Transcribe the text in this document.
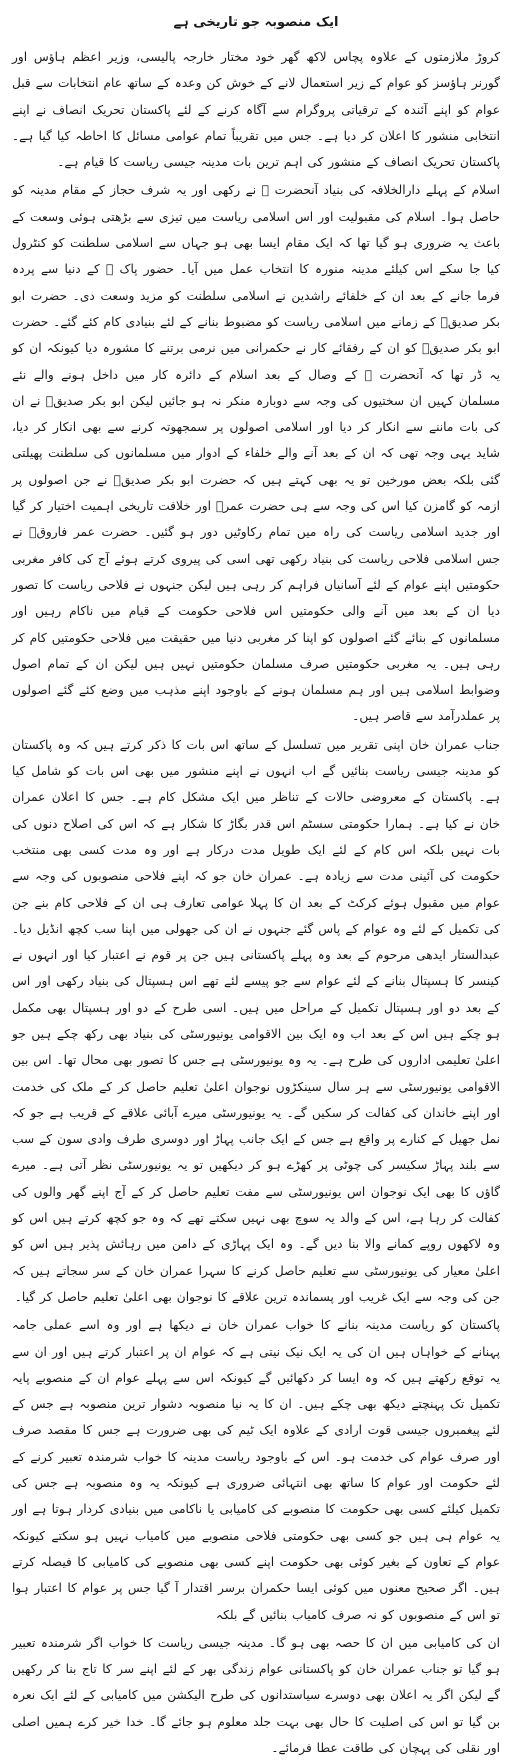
ایک منصوبہ جو تاریخی ہے

کروڑ ملازمتوں کے علاوہ پچاس لاکھ گھر خود مختار خارجہ پالیسی، وزیر اعظم ہاؤس اور گورنر ہاؤسز کو عوام کے زیر استعمال لانے کے خوش کن وعدہ کے ساتھ عام انتخابات سے قبل عوام کو اپنے آئندہ کے ترقیاتی پروگرام سے آگاہ کرنے کے لئے پاکستان تحریک انصاف نے اپنے انتخابی منشور کا اعلان کر دیا ہے۔ جس میں تقریباً تمام عوامی مسائل کا احاطہ کیا گیا ہے۔ پاکستان تحریک انصاف کے منشور کی اہم ترین بات مدینہ جیسی ریاست کا قیام ہے۔

اسلام کے پہلے دارالخلافہ کی بنیاد آنحضرت ﷺ نے رکھی اور یہ شرف حجاز کے مقام مدینہ کو حاصل ہوا۔ اسلام کی مقبولیت اور اس اسلامی ریاست میں تیزی سے بڑھتی ہوئی وسعت کے باعث یہ ضروری ہو گیا تھا کہ ایک مقام ایسا بھی ہو جہاں سے اسلامی سلطنت کو کنٹرول کیا جا سکے اس کیلئے مدینہ منورہ کا انتخاب عمل میں آیا۔ حضور پاک ﷺ کے دنیا سے پردہ فرما جانے کے بعد ان کے خلفائے راشدین نے اسلامی سلطنت کو مزید وسعت دی۔ حضرت ابو بکر صدیقؓ کے زمانے میں اسلامی ریاست کو مضبوط بنانے کے لئے بنیادی کام کئے گئے۔ حضرت ابو بکر صدیقؓ کو ان کے رفقائے کار نے حکمرانی میں نرمی برتنے کا مشورہ دیا کیونکہ ان کو یہ ڈر تھا کہ آنحضرت ﷺ کے وصال کے بعد اسلام کے دائرہ کار میں داخل ہونے والے نئے مسلمان کہیں ان سختیوں کی وجہ سے دوبارہ منکر نہ ہو جائیں لیکن ابو بکر صدیقؓ نے ان کی بات ماننے سے انکار کر دیا اور اسلامی اصولوں پر سمجھوتہ کرنے سے بھی انکار کر دیا، شاید یہی وجہ تھی کہ ان کے بعد آنے والے خلفاء کے ادوار میں مسلمانوں کی سلطنت پھیلتی گئی بلکہ بعض مورخین تو یہ بھی کہتے ہیں کہ حضرت ابو بکر صدیقؓ نے جن اصولوں پر ازمہ کو گامزن کیا اس کی وجہ سے ہی حضرت عمرؓ اور خلافت تاریخی اہمیت اختیار کر گیا اور جدید اسلامی ریاست کی راہ میں تمام رکاوٹیں دور ہو گئیں۔ حضرت عمر فاروقؓ نے جس اسلامی فلاحی ریاست کی بنیاد رکھی تھی اسی کی پیروی کرتے ہوئے آج کی کافر مغربی حکومتیں اپنے عوام کے لئے آسانیاں فراہم کر رہی ہیں لیکن جنہوں نے فلاحی ریاست کا تصور دیا ان کے بعد میں آنے والی حکومتیں اس فلاحی حکومت کے قیام میں ناکام رہیں اور مسلمانوں کے بنائے گئے اصولوں کو اپنا کر مغربی دنیا میں حقیقت میں فلاحی حکومتیں کام کر رہی ہیں۔ یہ مغربی حکومتیں صرف مسلمان حکومتیں نہیں ہیں لیکن ان کے تمام اصول وضوابط اسلامی ہیں اور ہم مسلمان ہونے کے باوجود اپنے مذہب میں وضع کئے گئے اصولوں پر عملدرآمد سے قاصر ہیں۔

جناب عمران خان اپنی تقریر میں تسلسل کے ساتھ اس بات کا ذکر کرتے ہیں کہ وہ پاکستان کو مدینہ جیسی ریاست بنائیں گے اب انہوں نے اپنے منشور میں بھی اس بات کو شامل کیا ہے۔ پاکستان کے معروضی حالات کے تناظر میں ایک مشکل کام ہے۔ جس کا اعلان عمران خان نے کیا ہے۔ ہمارا حکومتی سسٹم اس قدر بگاڑ کا شکار ہے کہ اس کی اصلاح دنوں کی بات نہیں بلکہ اس کام کے لئے ایک طویل مدت درکار ہے اور وہ مدت کسی بھی منتخب حکومت کی آئینی مدت سے زیادہ ہے۔ عمران خان جو کہ اپنے فلاحی منصوبوں کی وجہ سے عوام میں مقبول ہوئے کرکٹ کے بعد ان کا پہلا عوامی تعارف ہی ان کے فلاحی کام بنے جن کی تکمیل کے لئے وہ عوام کے پاس گئے جنہوں نے ان کی جھولی میں اپنا سب کچھ انڈیل دیا۔ عبدالستار ایدھی مرحوم کے بعد وہ پہلے پاکستانی ہیں جن پر قوم نے اعتبار کیا اور انہوں نے کینسر کا ہسپتال بنانے کے لئے عوام سے جو پیسے لئے تھے اس ہسپتال کی بنیاد رکھی اور اس کے بعد دو اور ہسپتال تکمیل کے مراحل میں ہیں۔ اسی طرح کے دو اور ہسپتال بھی مکمل ہو چکے ہیں اس کے بعد اب وہ ایک بین الاقوامی یونیورسٹی کی بنیاد بھی رکھ چکے ہیں جو اعلیٰ تعلیمی اداروں کی طرح ہے۔ یہ وہ یونیورسٹی ہے جس کا تصور بھی محال تھا۔ اس بین الاقوامی یونیورسٹی سے ہر سال سینکڑوں نوجوان اعلیٰ تعلیم حاصل کر کے ملک کی خدمت اور اپنے خاندان کی کفالت کر سکیں گے۔ یہ یونیورسٹی میرے آبائی علاقے کے قریب ہے جو کہ نمل جھیل کے کنارے پر واقع ہے جس کے ایک جانب پہاڑ اور دوسری طرف وادی سون کے سب سے بلند پہاڑ سکیسر کی چوٹی پر کھڑے ہو کر دیکھیں تو یہ یونیورسٹی نظر آتی ہے۔ میرے گاؤں کا بھی ایک نوجوان اس یونیورسٹی سے مفت تعلیم حاصل کر کے آج اپنے گھر والوں کی کفالت کر رہا ہے، اس کے والد یہ سوچ بھی نہیں سکتے تھے کہ وہ جو کچھ کرتے ہیں اس کو وہ لاکھوں روپے کمانے والا بنا دیں گے۔ وہ ایک پہاڑی کے دامن میں رہائش پذیر ہیں اس کو اعلیٰ معیار کی یونیورسٹی سے تعلیم حاصل کرنے کا سہرا عمران خان کے سر سجاتے ہیں کہ جن کی وجہ سے ایک غریب اور پسماندہ ترین علاقے کا نوجوان بھی اعلیٰ تعلیم حاصل کر گیا۔

پاکستان کو ریاست مدینہ بنانے کا خواب عمران خان نے دیکھا ہے اور وہ اسے عملی جامہ پہنانے کے خواہاں ہیں ان کی یہ ایک نیک نیتی ہے کہ عوام ان پر اعتبار کرتے ہیں اور ان سے یہ توقع رکھتے ہیں کہ وہ ایسا کر دکھائیں گے کیونکہ اس سے پہلے عوام ان کے منصوبے پایہ تکمیل تک پہنچتے دیکھ بھی چکے ہیں۔ ان کا یہ نیا منصوبہ دشوار ترین منصوبہ ہے جس کے لئے پیغمبروں جیسی قوت ارادی کے علاوہ ایک ٹیم کی بھی ضرورت ہے جس کا مقصد صرف اور صرف عوام کی خدمت ہو۔ اس کے باوجود ریاست مدینہ کا خواب شرمندہ تعبیر کرنے کے لئے حکومت اور عوام کا ساتھ بھی انتہائی ضروری ہے کیونکہ یہ وہ منصوبہ ہے جس کی تکمیل کیلئے کسی بھی حکومت کا منصوبے کی کامیابی یا ناکامی میں بنیادی کردار ہوتا ہے اور یہ عوام ہی ہیں جو کسی بھی حکومتی فلاحی منصوبے میں کامیاب نہیں ہو سکتے کیونکہ عوام کے تعاون کے بغیر کوئی بھی حکومت اپنے کسی بھی منصوبے کی کامیابی کا فیصلہ کرتے ہیں۔ اگر صحیح معنوں میں کوئی ایسا حکمران برسر اقتدار آ گیا جس پر عوام کا اعتبار ہوا تو اس کے منصوبوں کو نہ صرف کامیاب بنائیں گے بلکہ

ان کی کامیابی میں ان کا حصہ بھی ہو گا۔ مدینہ جیسی ریاست کا خواب اگر شرمندہ تعبیر ہو گیا تو جناب عمران خان کو پاکستانی عوام زندگی بھر کے لئے اپنے سر کا تاج بنا کر رکھیں گے لیکن اگر یہ اعلان بھی دوسرے سیاستدانوں کی طرح الیکشن میں کامیابی کے لئے ایک نعرہ بن گیا تو اس کی اصلیت کا حال بھی بہت جلد معلوم ہو جائے گا۔ خدا خیر کرے ہمیں اصلی اور نقلی کی پہچان کی طاقت عطا فرمائے۔
